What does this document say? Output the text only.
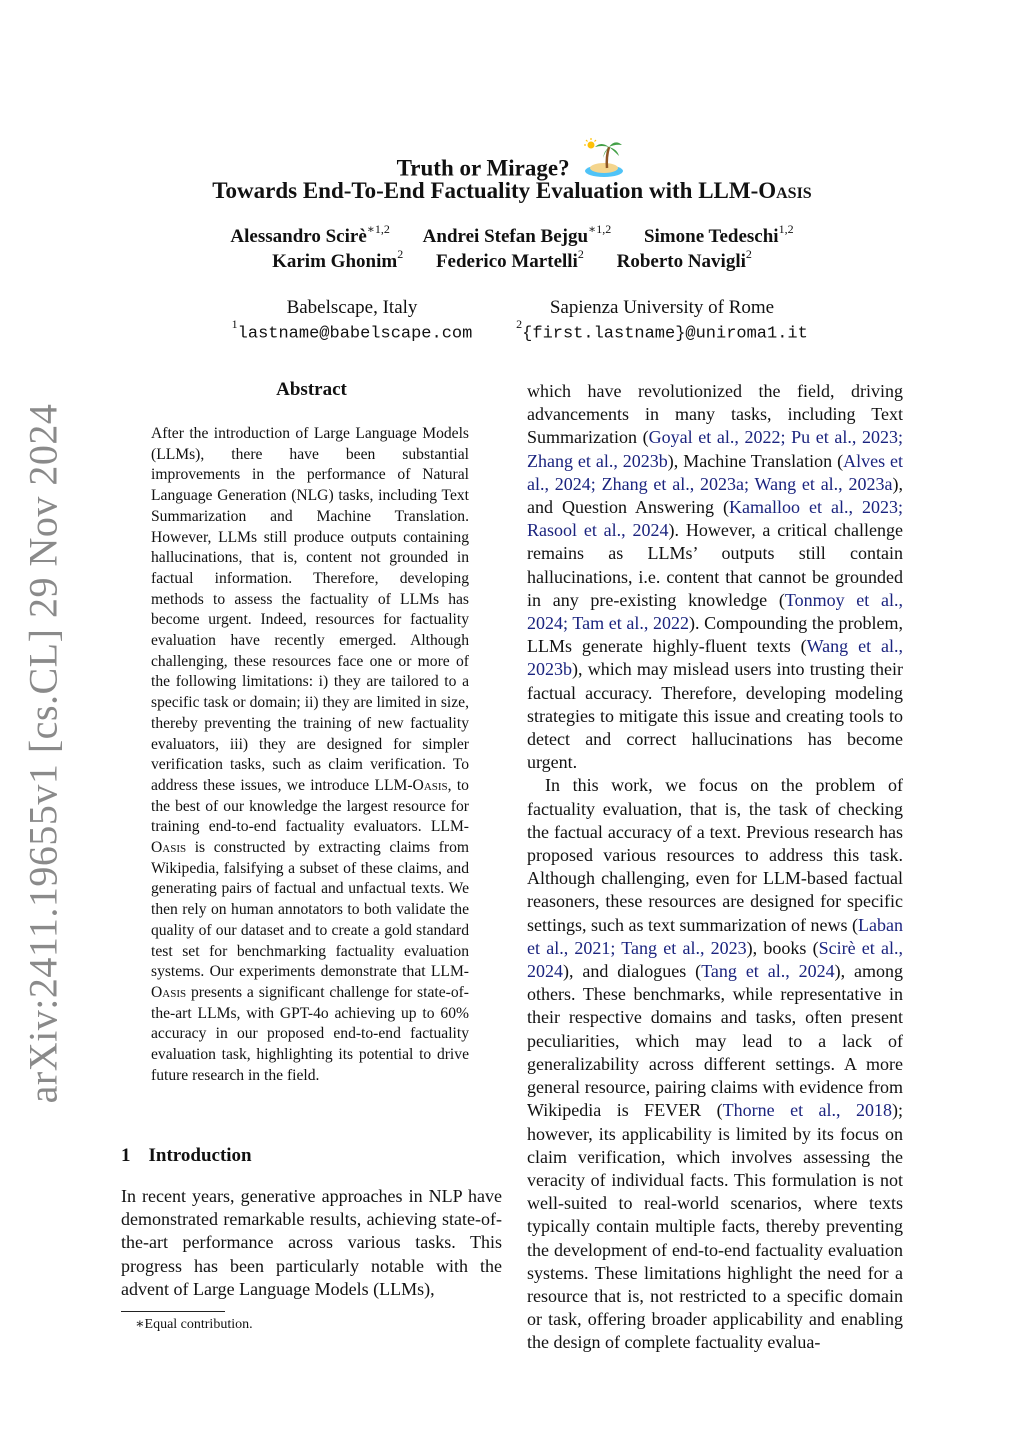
arXiv:2411.19655v1 [cs.CL] 29 Nov 2024
Truth or Mirage?
Towards End-To-End Factuality Evaluation with LLM-Oasis
Alessandro Scirè$^{∗1,2}$ Andrei Stefan Bejgu$^{∗1,2}$ Simone Tedeschi$^{1,2}$
Karim Ghonim$^2$ Federico Martelli$^2$ Roberto Navigli$^2$
Babelscape, Italy
$^1$lastname@babelscape.com
Sapienza University of Rome
$^2${first.lastname}@uniroma1.it
Abstract

After the introduction of Large Language Models (LLMs), there have been substantial improvements in the performance of Natural Language Generation (NLG) tasks, including Text Summarization and Machine Translation. However, LLMs still produce outputs containing hallucinations, that is, content not grounded in factual information. Therefore, developing methods to assess the factuality of LLMs has become urgent. Indeed, resources for factuality evaluation have recently emerged. Although challenging, these resources face one or more of the following limitations: i) they are tailored to a specific task or domain; ii) they are limited in size, thereby preventing the training of new factuality evaluators, iii) they are designed for simpler verification tasks, such as claim verification. To address these issues, we introduce LLM-Oasis, to the best of our knowledge the largest resource for training end-to-end factuality evaluators. LLM-Oasis is constructed by extracting claims from Wikipedia, falsifying a subset of these claims, and generating pairs of factual and unfactual texts. We then rely on human annotators to both validate the quality of our dataset and to create a gold standard test set for benchmarking factuality evaluation systems. Our experiments demonstrate that LLM-Oasis presents a significant challenge for state-of-the-art LLMs, with GPT-4o achieving up to 60% accuracy in our proposed end-to-end factuality evaluation task, highlighting its potential to drive future research in the field.

1 Introduction

In recent years, generative approaches in NLP have demonstrated remarkable results, achieving state-of-the-art performance across various tasks. This progress has been particularly notable with the advent of Large Language Models (LLMs),

∗Equal contribution.

which have revolutionized the field, driving advancements in many tasks, including Text Summarization (Goyal et al., 2022; Pu et al., 2023; Zhang et al., 2023b), Machine Translation (Alves et al., 2024; Zhang et al., 2023a; Wang et al., 2023a), and Question Answering (Kamalloo et al., 2023; Rasool et al., 2024). However, a critical challenge remains as LLMs’ outputs still contain hallucinations, i.e. content that cannot be grounded in any pre-existing knowledge (Tonmoy et al., 2024; Tam et al., 2022). Compounding the problem, LLMs generate highly-fluent texts (Wang et al., 2023b), which may mislead users into trusting their factual accuracy. Therefore, developing modeling strategies to mitigate this issue and creating tools to detect and correct hallucinations has become urgent.

In this work, we focus on the problem of factuality evaluation, that is, the task of checking the factual accuracy of a text. Previous research has proposed various resources to address this task. Although challenging, even for LLM-based factual reasoners, these resources are designed for specific settings, such as text summarization of news (Laban et al., 2021; Tang et al., 2023), books (Scirè et al., 2024), and dialogues (Tang et al., 2024), among others. These benchmarks, while representative in their respective domains and tasks, often present peculiarities, which may lead to a lack of generalizability across different settings. A more general resource, pairing claims with evidence from Wikipedia is FEVER (Thorne et al., 2018); however, its applicability is limited by its focus on claim verification, which involves assessing the veracity of individual facts. This formulation is not well-suited to real-world scenarios, where texts typically contain multiple facts, thereby preventing the development of end-to-end factuality evaluation systems. These limitations highlight the need for a resource that is, not restricted to a specific domain or task, offering broader applicability and enabling the design of complete factuality evalua-
